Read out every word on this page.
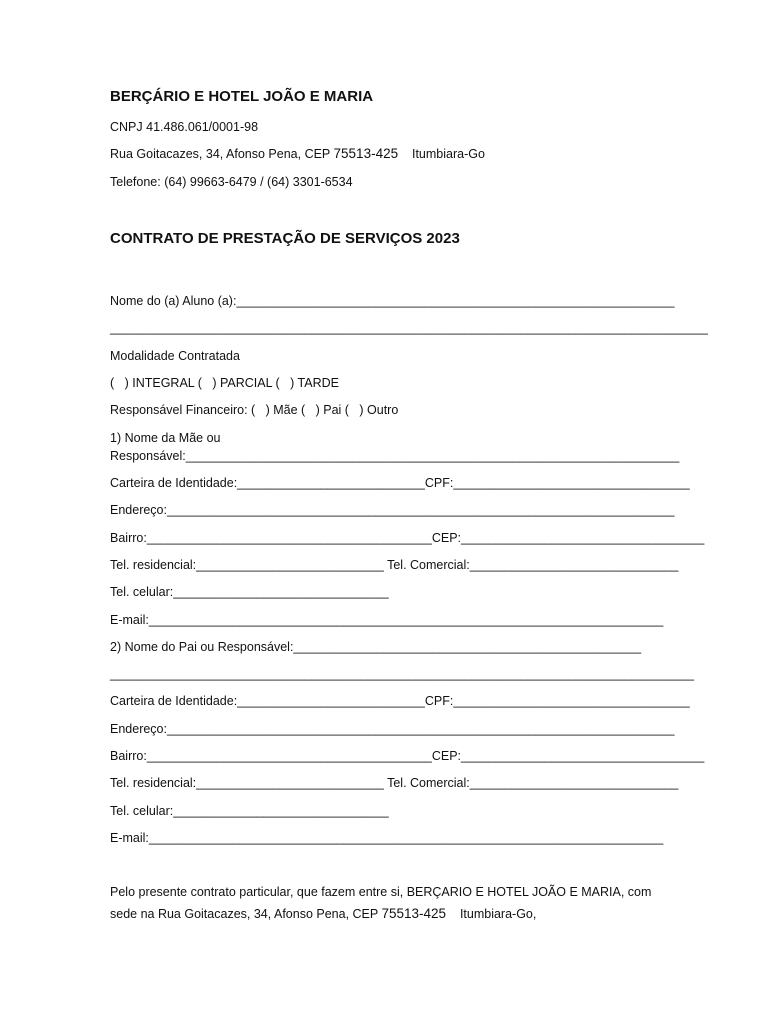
BERÇÁRIO E HOTEL JOÃO E MARIA
CNPJ 41.486.061/0001-98
Rua Goitacazes, 34, Afonso Pena, CEP 75513-425    Itumbiara-Go
Telefone: (64) 99663-6479 / (64) 3301-6534
CONTRATO DE PRESTAÇÃO DE SERVIÇOS 2023
Nome do (a) Aluno (a):_______________________________________________________________
______________________________________________________________________________________
Modalidade Contratada
(   ) INTEGRAL (   ) PARCIAL (   ) TARDE
Responsável Financeiro: (   ) Mãe (   ) Pai (   ) Outro
1) Nome da Mãe ou
Responsável:_______________________________________________________________________
Carteira de Identidade:___________________________CPF:__________________________________
Endereço:_________________________________________________________________________
Bairro:_________________________________________CEP:___________________________________
Tel. residencial:___________________________ Tel. Comercial:______________________________
Tel. celular:_______________________________
E-mail:__________________________________________________________________________
2) Nome do Pai ou Responsável:__________________________________________________
____________________________________________________________________________________
Carteira de Identidade:___________________________CPF:__________________________________
Endereço:_________________________________________________________________________
Bairro:_________________________________________CEP:___________________________________
Tel. residencial:___________________________ Tel. Comercial:______________________________
Tel. celular:_______________________________
E-mail:__________________________________________________________________________
Pelo presente contrato particular, que fazem entre si, BERÇARIO E HOTEL JOÃO E MARIA, com
sede na Rua Goitacazes, 34, Afonso Pena, CEP 75513-425    Itumbiara-Go,
